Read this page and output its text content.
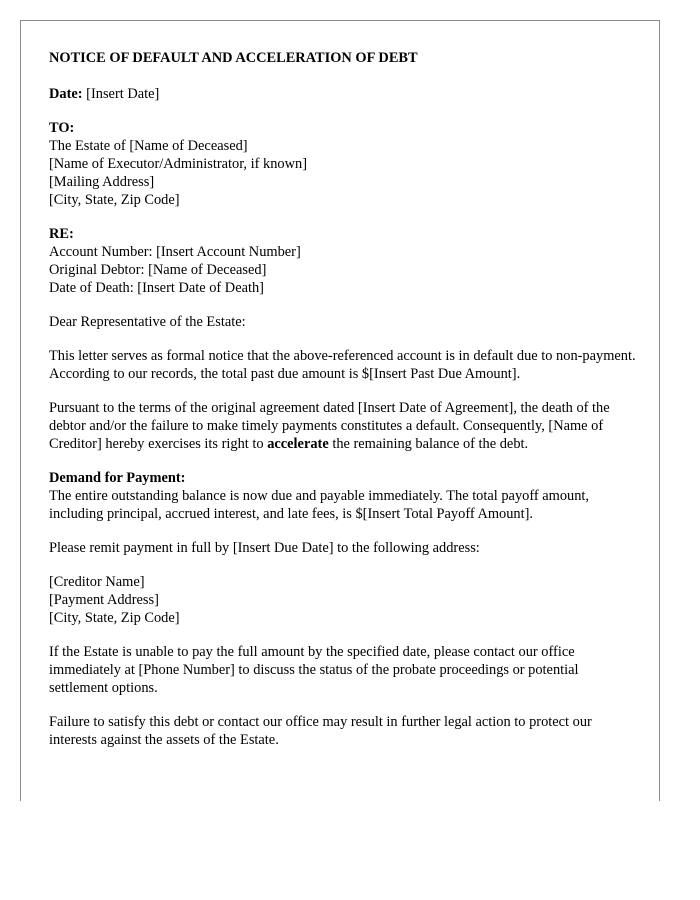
NOTICE OF DEFAULT AND ACCELERATION OF DEBT

Date: [Insert Date]

TO:
The Estate of [Name of Deceased]
[Name of Executor/Administrator, if known]
[Mailing Address]
[City, State, Zip Code]
RE:
Account Number: [Insert Account Number]
Original Debtor: [Name of Deceased]
Date of Death: [Insert Date of Death]

Dear Representative of the Estate:

This letter serves as formal notice that the above-referenced account is in default due to non-payment. According to our records, the total past due amount is $[Insert Past Due Amount].

Pursuant to the terms of the original agreement dated [Insert Date of Agreement], the death of the debtor and/or the failure to make timely payments constitutes a default. Consequently, [Name of Creditor] hereby exercises its right to accelerate the remaining balance of the debt.

Demand for Payment:
The entire outstanding balance is now due and payable immediately. The total payoff amount, including principal, accrued interest, and late fees, is $[Insert Total Payoff Amount].

Please remit payment in full by [Insert Due Date] to the following address:

[Creditor Name]
[Payment Address]
[City, State, Zip Code]

If the Estate is unable to pay the full amount by the specified date, please contact our office immediately at [Phone Number] to discuss the status of the probate proceedings or potential settlement options.

Failure to satisfy this debt or contact our office may result in further legal action to protect our interests against the assets of the Estate.
